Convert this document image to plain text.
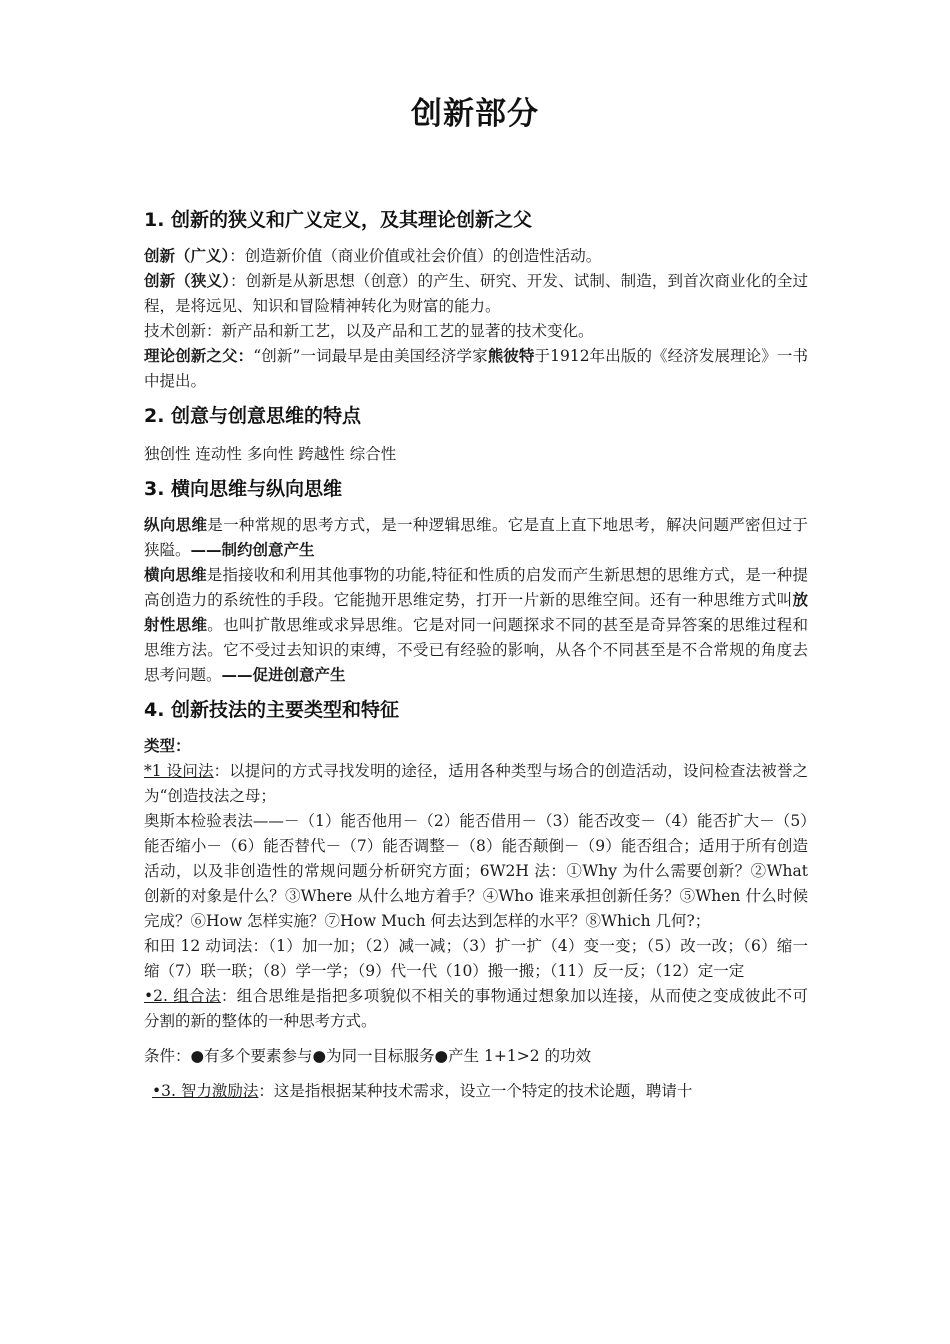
创新部分
1. 创新的狭义和广义定义，及其理论创新之父

创新（广义）：创造新价值（商业价值或社会价值）的创造性活动。

创新（狭义）：创新是从新思想（创意）的产生、研究、开发、试制、制造，到首次商业化的全过程，是将远见、知识和冒险精神转化为财富的能力。

技术创新：新产品和新工艺，以及产品和工艺的显著的技术变化。

理论创新之父：“创新”一词最早是由美国经济学家熊彼特于1912年出版的《经济发展理论》一书中提出。

2. 创意与创意思维的特点

独创性 连动性 多向性 跨越性 综合性

3. 横向思维与纵向思维

纵向思维是一种常规的思考方式，是一种逻辑思维。它是直上直下地思考，解决问题严密但过于狭隘。——制约创意产生

横向思维是指接收和利用其他事物的功能,特征和性质的启发而产生新思想的思维方式，是一种提高创造力的系统性的手段。它能抛开思维定势，打开一片新的思维空间。还有一种思维方式叫放射性思维。也叫扩散思维或求异思维。它是对同一问题探求不同的甚至是奇异答案的思维过程和思维方法。它不受过去知识的束缚，不受已有经验的影响，从各个不同甚至是不合常规的角度去思考问题。——促进创意产生

4. 创新技法的主要类型和特征

类型：

*1 设问法：以提问的方式寻找发明的途径，适用各种类型与场合的创造活动，设问检查法被誉之为“创造技法之母；

奥斯本检验表法——－（1）能否他用－（2）能否借用－（3）能否改变－（4）能否扩大－（5）能否缩小－（6）能否替代－（7）能否调整－（8）能否颠倒－（9）能否组合；适用于所有创造活动，以及非创造性的常规问题分析研究方面；6W2H 法：①Why 为什么需要创新？②What 创新的对象是什么？③Where 从什么地方着手？④Who 谁来承担创新任务？⑤When 什么时候完成？⑥How 怎样实施？⑦How Much 何去达到怎样的水平？⑧Which 几何?；

和田 12 动词法：（1）加一加；（2）减一减；（3）扩一扩（4）变一变；（5）改一改；（6）缩一缩（7）联一联；（8）学一学；（9）代一代（10）搬一搬；（11）反一反；（12）定一定

•2. 组合法：组合思维是指把多项貌似不相关的事物通过想象加以连接，从而使之变成彼此不可分割的新的整体的一种思考方式。

条件：●有多个要素参与●为同一目标服务●产生 1+1>2 的功效

•3. 智力激励法：这是指根据某种技术需求，设立一个特定的技术论题，聘请十
